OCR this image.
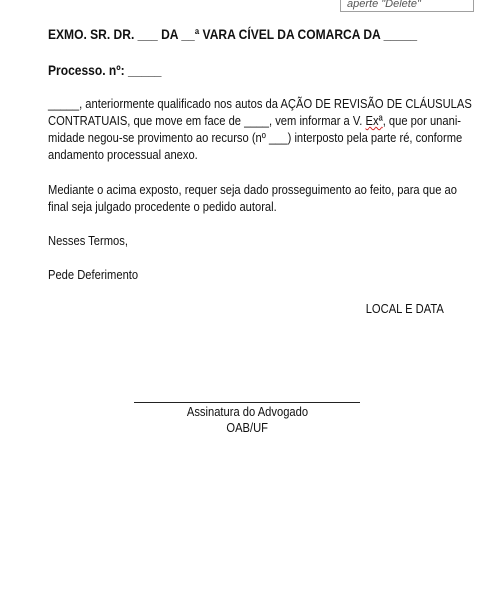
aperte "Delete"
EXMO. SR. DR. ___ DA __ª VARA CÍVEL DA COMARCA DA _____
Processo. nº: _____
_____, anteriormente qualificado nos autos da AÇÃO DE REVISÃO DE CLÁUSULAS
CONTRATUAIS, que move em face de ____, vem informar a V. Exª, que por unani-
midade negou-se provimento ao recurso (nº ___) interposto pela parte ré, conforme
andamento processual anexo.
Mediante o acima exposto, requer seja dado prosseguimento ao feito, para que ao
final seja julgado procedente o pedido autoral.
Nesses Termos,
Pede Deferimento
LOCAL E DATA
Assinatura do Advogado
OAB/UF
